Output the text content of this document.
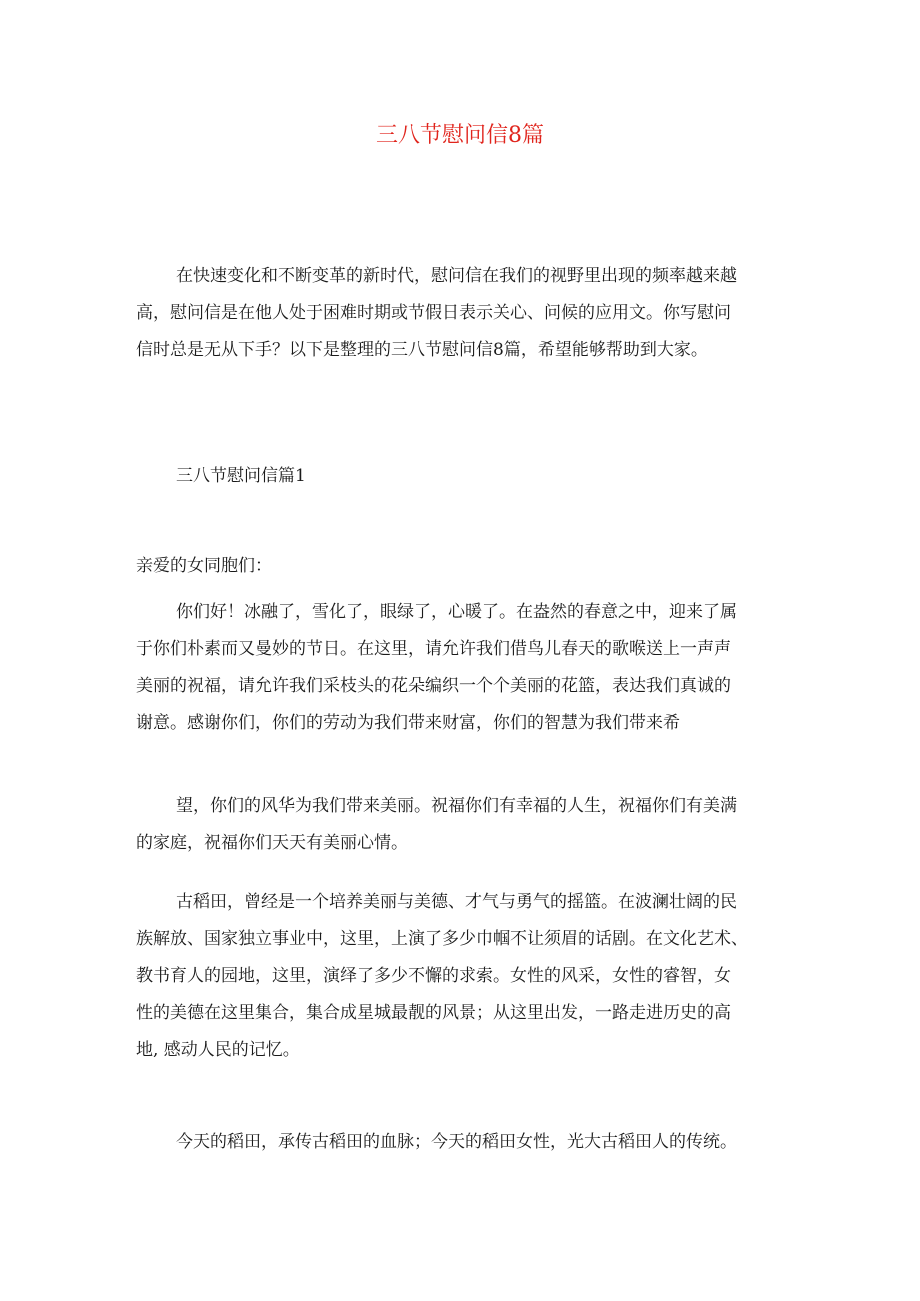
三八节慰问信8篇
在快速变化和不断变革的新时代，慰问信在我们的视野里出现的频率越来越
高，慰问信是在他人处于困难时期或节假日表示关心、问候的应用文。你写慰问
信时总是无从下手？以下是整理的三八节慰问信8篇，希望能够帮助到大家。
三八节慰问信篇1
亲爱的女同胞们：
你们好！冰融了，雪化了，眼绿了，心暖了。在盎然的春意之中，迎来了属
于你们朴素而又曼妙的节日。在这里，请允许我们借鸟儿春天的歌喉送上一声声
美丽的祝福，请允许我们采枝头的花朵编织一个个美丽的花篮，表达我们真诚的
谢意。感谢你们，你们的劳动为我们带来财富，你们的智慧为我们带来希
望，你们的风华为我们带来美丽。祝福你们有幸福的人生，祝福你们有美满
的家庭，祝福你们天天有美丽心情。
古稻田，曾经是一个培养美丽与美德、才气与勇气的摇篮。在波澜壮阔的民
族解放、国家独立事业中，这里，上演了多少巾帼不让须眉的话剧。在文化艺术、
教书育人的园地，这里，演绎了多少不懈的求索。女性的风采，女性的睿智，女
性的美德在这里集合，集合成星城最靓的风景；从这里出发，一路走进历史的高
地, 感动人民的记忆。
今天的稻田，承传古稻田的血脉；今天的稻田女性，光大古稻田人的传统。
